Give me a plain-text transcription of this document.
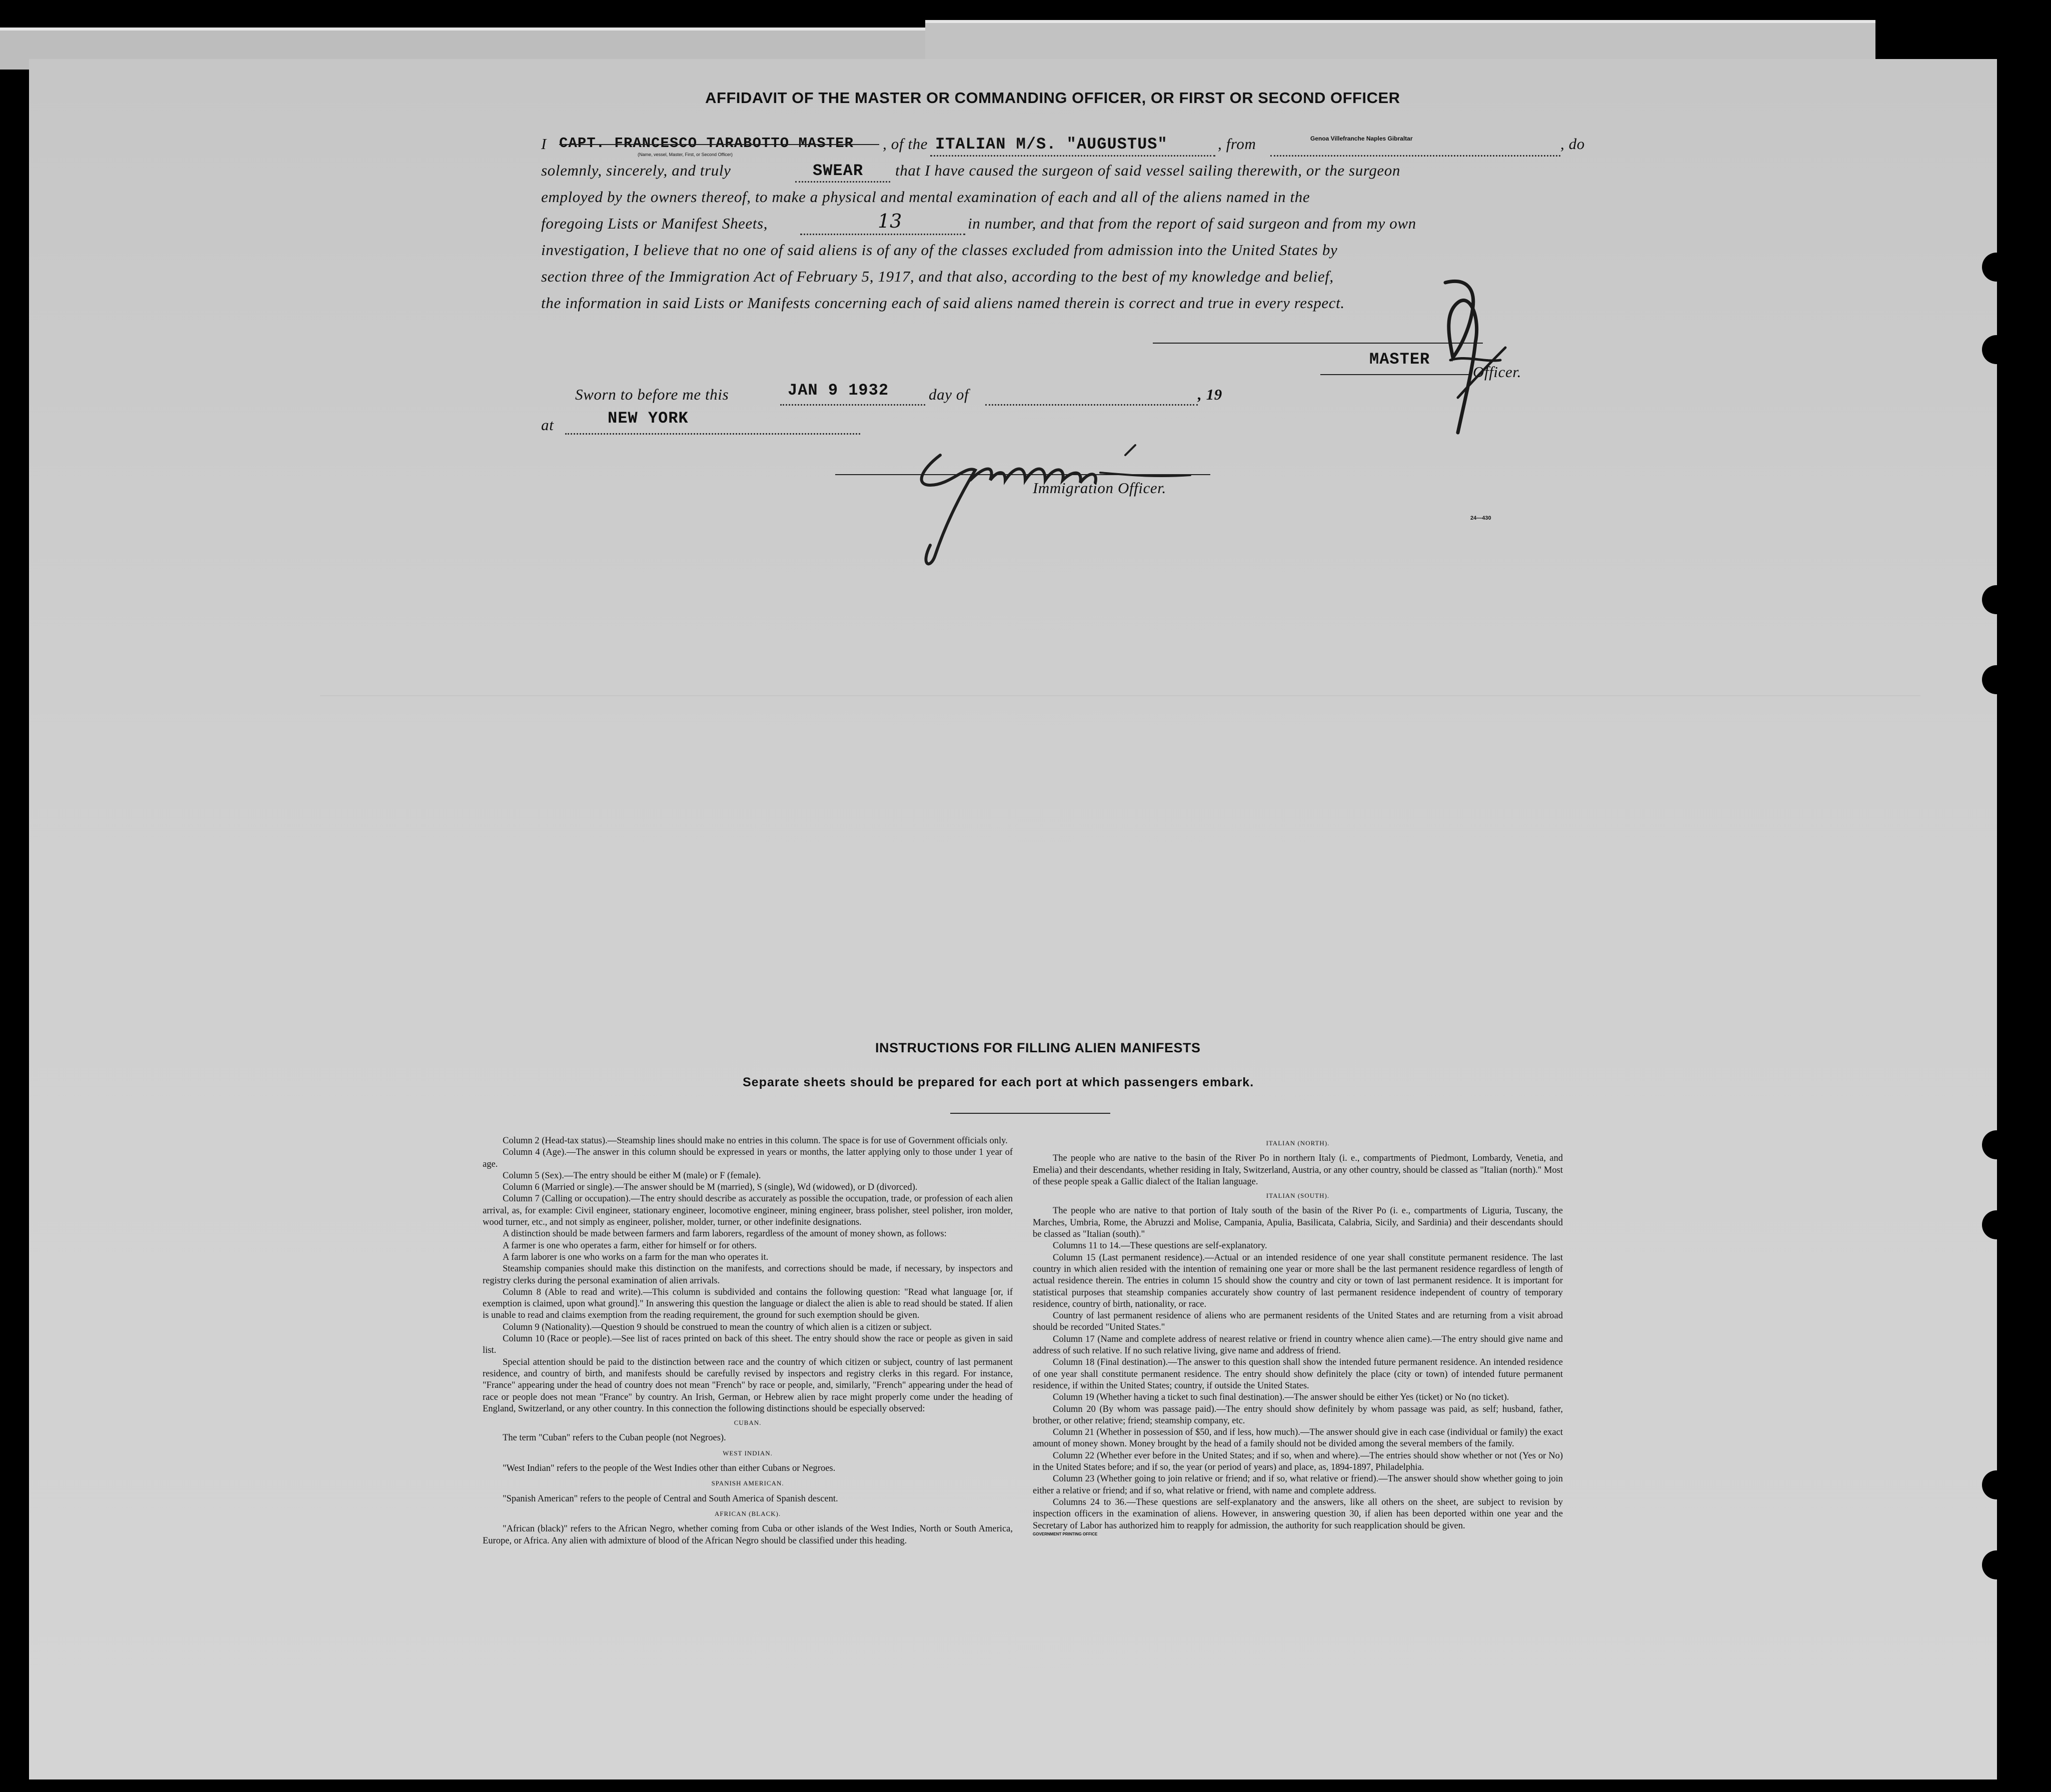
AFFIDAVIT OF THE MASTER OR COMMANDING OFFICER, OR FIRST OR SECOND OFFICER
I CAPT. FRANCESCO TARABOTTO MASTER
(Name, vessel, Master, First, or Second Officer)
, of the ITALIAN M/S. "AUGUSTUS"	, from	Genoa Villefranche Naples Gibraltar	, do
solemnly, sincerely, and truly	SWEAR that I have caused the surgeon of said vessel sailing therewith, or the surgeon
employed by the owners thereof, to make a physical and mental examination of each and all of the aliens named in the
foregoing Lists or Manifest Sheets,	13	in number, and that from the report of said surgeon and from my own
investigation, I believe that no one of said aliens is of any of the classes excluded from admission into the United States by
section three of the Immigration Act of February 5, 1917, and that also, according to the best of my knowledge and belief,
the information in said Lists or Manifests concerning each of said aliens named therein is correct and true in every respect.
MASTER
Officer.
Sworn to before me this	JAN 9 1932	day of	, 19
at	NEW YORK
Immigration Officer.
24—430

INSTRUCTIONS FOR FILLING ALIEN MANIFESTS
Separate sheets should be prepared for each port at which passengers embark.

Column 2 (Head-tax status).—Steamship lines should make no entries in this column. The space is for use of Government officials only.

Column 4 (Age).—The answer in this column should be expressed in years or months, the latter applying only to those under 1 year of age.

Column 5 (Sex).—The entry should be either M (male) or F (female).

Column 6 (Married or single).—The answer should be M (married), S (single), Wd (widowed), or D (divorced).

Column 7 (Calling or occupation).—The entry should describe as accurately as possible the occupation, trade, or profession of each alien arrival, as, for example: Civil engineer, stationary engineer, locomotive engineer, mining engineer, brass polisher, steel polisher, iron molder, wood turner, etc., and not simply as engineer, polisher, molder, turner, or other indefinite designations.

A distinction should be made between farmers and farm laborers, regardless of the amount of money shown, as follows:

A farmer is one who operates a farm, either for himself or for others.

A farm laborer is one who works on a farm for the man who operates it.

Steamship companies should make this distinction on the manifests, and corrections should be made, if necessary, by inspectors and registry clerks during the personal examination of alien arrivals.

Column 8 (Able to read and write).—This column is subdivided and contains the following question: "Read what language [or, if exemption is claimed, upon what ground]." In answering this question the language or dialect the alien is able to read should be stated. If alien is unable to read and claims exemption from the reading requirement, the ground for such exemption should be given.

Column 9 (Nationality).—Question 9 should be construed to mean the country of which alien is a citizen or subject.

Column 10 (Race or people).—See list of races printed on back of this sheet. The entry should show the race or people as given in said list.

Special attention should be paid to the distinction between race and the country of which citizen or subject, country of last permanent residence, and country of birth, and manifests should be carefully revised by inspectors and registry clerks in this regard. For instance, "France" appearing under the head of country does not mean "French" by race or people, and, similarly, "French" appearing under the head of race or people does not mean "France" by country. An Irish, German, or Hebrew alien by race might properly come under the heading of England, Switzerland, or any other country. In this connection the following distinctions should be especially observed:

CUBAN.

The term "Cuban" refers to the Cuban people (not Negroes).

WEST INDIAN.

"West Indian" refers to the people of the West Indies other than either Cubans or Negroes.

SPANISH AMERICAN.

"Spanish American" refers to the people of Central and South America of Spanish descent.

AFRICAN (BLACK).

"African (black)" refers to the African Negro, whether coming from Cuba or other islands of the West Indies, North or South America, Europe, or Africa. Any alien with admixture of blood of the African Negro should be classified under this heading.

ITALIAN (NORTH).

The people who are native to the basin of the River Po in northern Italy (i. e., compartments of Piedmont, Lombardy, Venetia, and Emelia) and their descendants, whether residing in Italy, Switzerland, Austria, or any other country, should be classed as "Italian (north)." Most of these people speak a Gallic dialect of the Italian language.

ITALIAN (SOUTH).

The people who are native to that portion of Italy south of the basin of the River Po (i. e., compartments of Liguria, Tuscany, the Marches, Umbria, Rome, the Abruzzi and Molise, Campania, Apulia, Basilicata, Calabria, Sicily, and Sardinia) and their descendants should be classed as "Italian (south)."

Columns 11 to 14.—These questions are self-explanatory.

Column 15 (Last permanent residence).—Actual or an intended residence of one year shall constitute permanent residence. The last country in which alien resided with the intention of remaining one year or more shall be the last permanent residence regardless of length of actual residence therein. The entries in column 15 should show the country and city or town of last permanent residence. It is important for statistical purposes that steamship companies accurately show country of last permanent residence independent of country of temporary residence, country of birth, nationality, or race.

Country of last permanent residence of aliens who are permanent residents of the United States and are returning from a visit abroad should be recorded "United States."

Column 17 (Name and complete address of nearest relative or friend in country whence alien came).—The entry should give name and address of such relative. If no such relative living, give name and address of friend.

Column 18 (Final destination).—The answer to this question shall show the intended future permanent residence. An intended residence of one year shall constitute permanent residence. The entry should show definitely the place (city or town) of intended future permanent residence, if within the United States; country, if outside the United States.

Column 19 (Whether having a ticket to such final destination).—The answer should be either Yes (ticket) or No (no ticket).

Column 20 (By whom was passage paid).—The entry should show definitely by whom passage was paid, as self; husband, father, brother, or other relative; friend; steamship company, etc.

Column 21 (Whether in possession of $50, and if less, how much).—The answer should give in each case (individual or family) the exact amount of money shown. Money brought by the head of a family should not be divided among the several members of the family.

Column 22 (Whether ever before in the United States; and if so, when and where).—The entries should show whether or not (Yes or No) in the United States before; and if so, the year (or period of years) and place, as, 1894-1897, Philadelphia.

Column 23 (Whether going to join relative or friend; and if so, what relative or friend).—The answer should show whether going to join either a relative or friend; and if so, what relative or friend, with name and complete address.

Columns 24 to 36.—These questions are self-explanatory and the answers, like all others on the sheet, are subject to revision by inspection officers in the examination of aliens. However, in answering question 30, if alien has been deported within one year and the Secretary of Labor has authorized him to reapply for admission, the authority for such reapplication should be given.

GOVERNMENT PRINTING OFFICE
